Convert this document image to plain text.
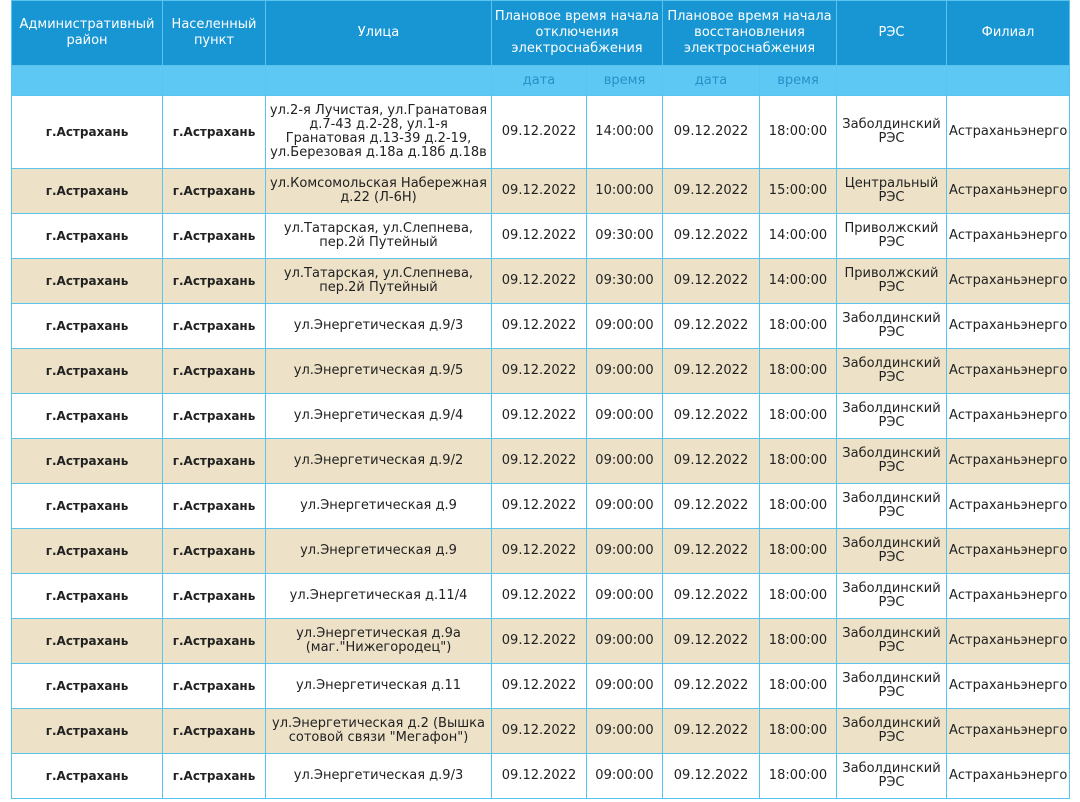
Административный район	Населенный пункт	Улица	Плановое время начала отключения электроснабжения		Плановое время начала восстановления электроснабжения		РЭС	Филиал
			дата	время	дата	время		
г.Астрахань	г.Астрахань	ул.2-я Лучистая, ул.Гранатовая д.7-43 д.2-28, ул.1-я Гранатовая д.13-39 д.2-19, ул.Березовая д.18а д.18б д.18в	09.12.2022	14:00:00	09.12.2022	18:00:00	Заболдинский РЭС	Астраханьэнерго
г.Астрахань	г.Астрахань	ул.Комсомольская Набережная д.22 (Л-6Н)	09.12.2022	10:00:00	09.12.2022	15:00:00	Центральный РЭС	Астраханьэнерго
г.Астрахань	г.Астрахань	ул.Татарская, ул.Слепнева, пер.2й Путейный	09.12.2022	09:30:00	09.12.2022	14:00:00	Приволжский РЭС	Астраханьэнерго
г.Астрахань	г.Астрахань	ул.Татарская, ул.Слепнева, пер.2й Путейный	09.12.2022	09:30:00	09.12.2022	14:00:00	Приволжский РЭС	Астраханьэнерго
г.Астрахань	г.Астрахань	ул.Энергетическая д.9/3	09.12.2022	09:00:00	09.12.2022	18:00:00	Заболдинский РЭС	Астраханьэнерго
г.Астрахань	г.Астрахань	ул.Энергетическая д.9/5	09.12.2022	09:00:00	09.12.2022	18:00:00	Заболдинский РЭС	Астраханьэнерго
г.Астрахань	г.Астрахань	ул.Энергетическая д.9/4	09.12.2022	09:00:00	09.12.2022	18:00:00	Заболдинский РЭС	Астраханьэнерго
г.Астрахань	г.Астрахань	ул.Энергетическая д.9/2	09.12.2022	09:00:00	09.12.2022	18:00:00	Заболдинский РЭС	Астраханьэнерго
г.Астрахань	г.Астрахань	ул.Энергетическая д.9	09.12.2022	09:00:00	09.12.2022	18:00:00	Заболдинский РЭС	Астраханьэнерго
г.Астрахань	г.Астрахань	ул.Энергетическая д.9	09.12.2022	09:00:00	09.12.2022	18:00:00	Заболдинский РЭС	Астраханьэнерго
г.Астрахань	г.Астрахань	ул.Энергетическая д.11/4	09.12.2022	09:00:00	09.12.2022	18:00:00	Заболдинский РЭС	Астраханьэнерго
г.Астрахань	г.Астрахань	ул.Энергетическая д.9а (маг."Нижегородец")	09.12.2022	09:00:00	09.12.2022	18:00:00	Заболдинский РЭС	Астраханьэнерго
г.Астрахань	г.Астрахань	ул.Энергетическая д.11	09.12.2022	09:00:00	09.12.2022	18:00:00	Заболдинский РЭС	Астраханьэнерго
г.Астрахань	г.Астрахань	ул.Энергетическая д.2 (Вышка сотовой связи "Мегафон")	09.12.2022	09:00:00	09.12.2022	18:00:00	Заболдинский РЭС	Астраханьэнерго
г.Астрахань	г.Астрахань	ул.Энергетическая д.9/3	09.12.2022	09:00:00	09.12.2022	18:00:00	Заболдинский РЭС	Астраханьэнерго
